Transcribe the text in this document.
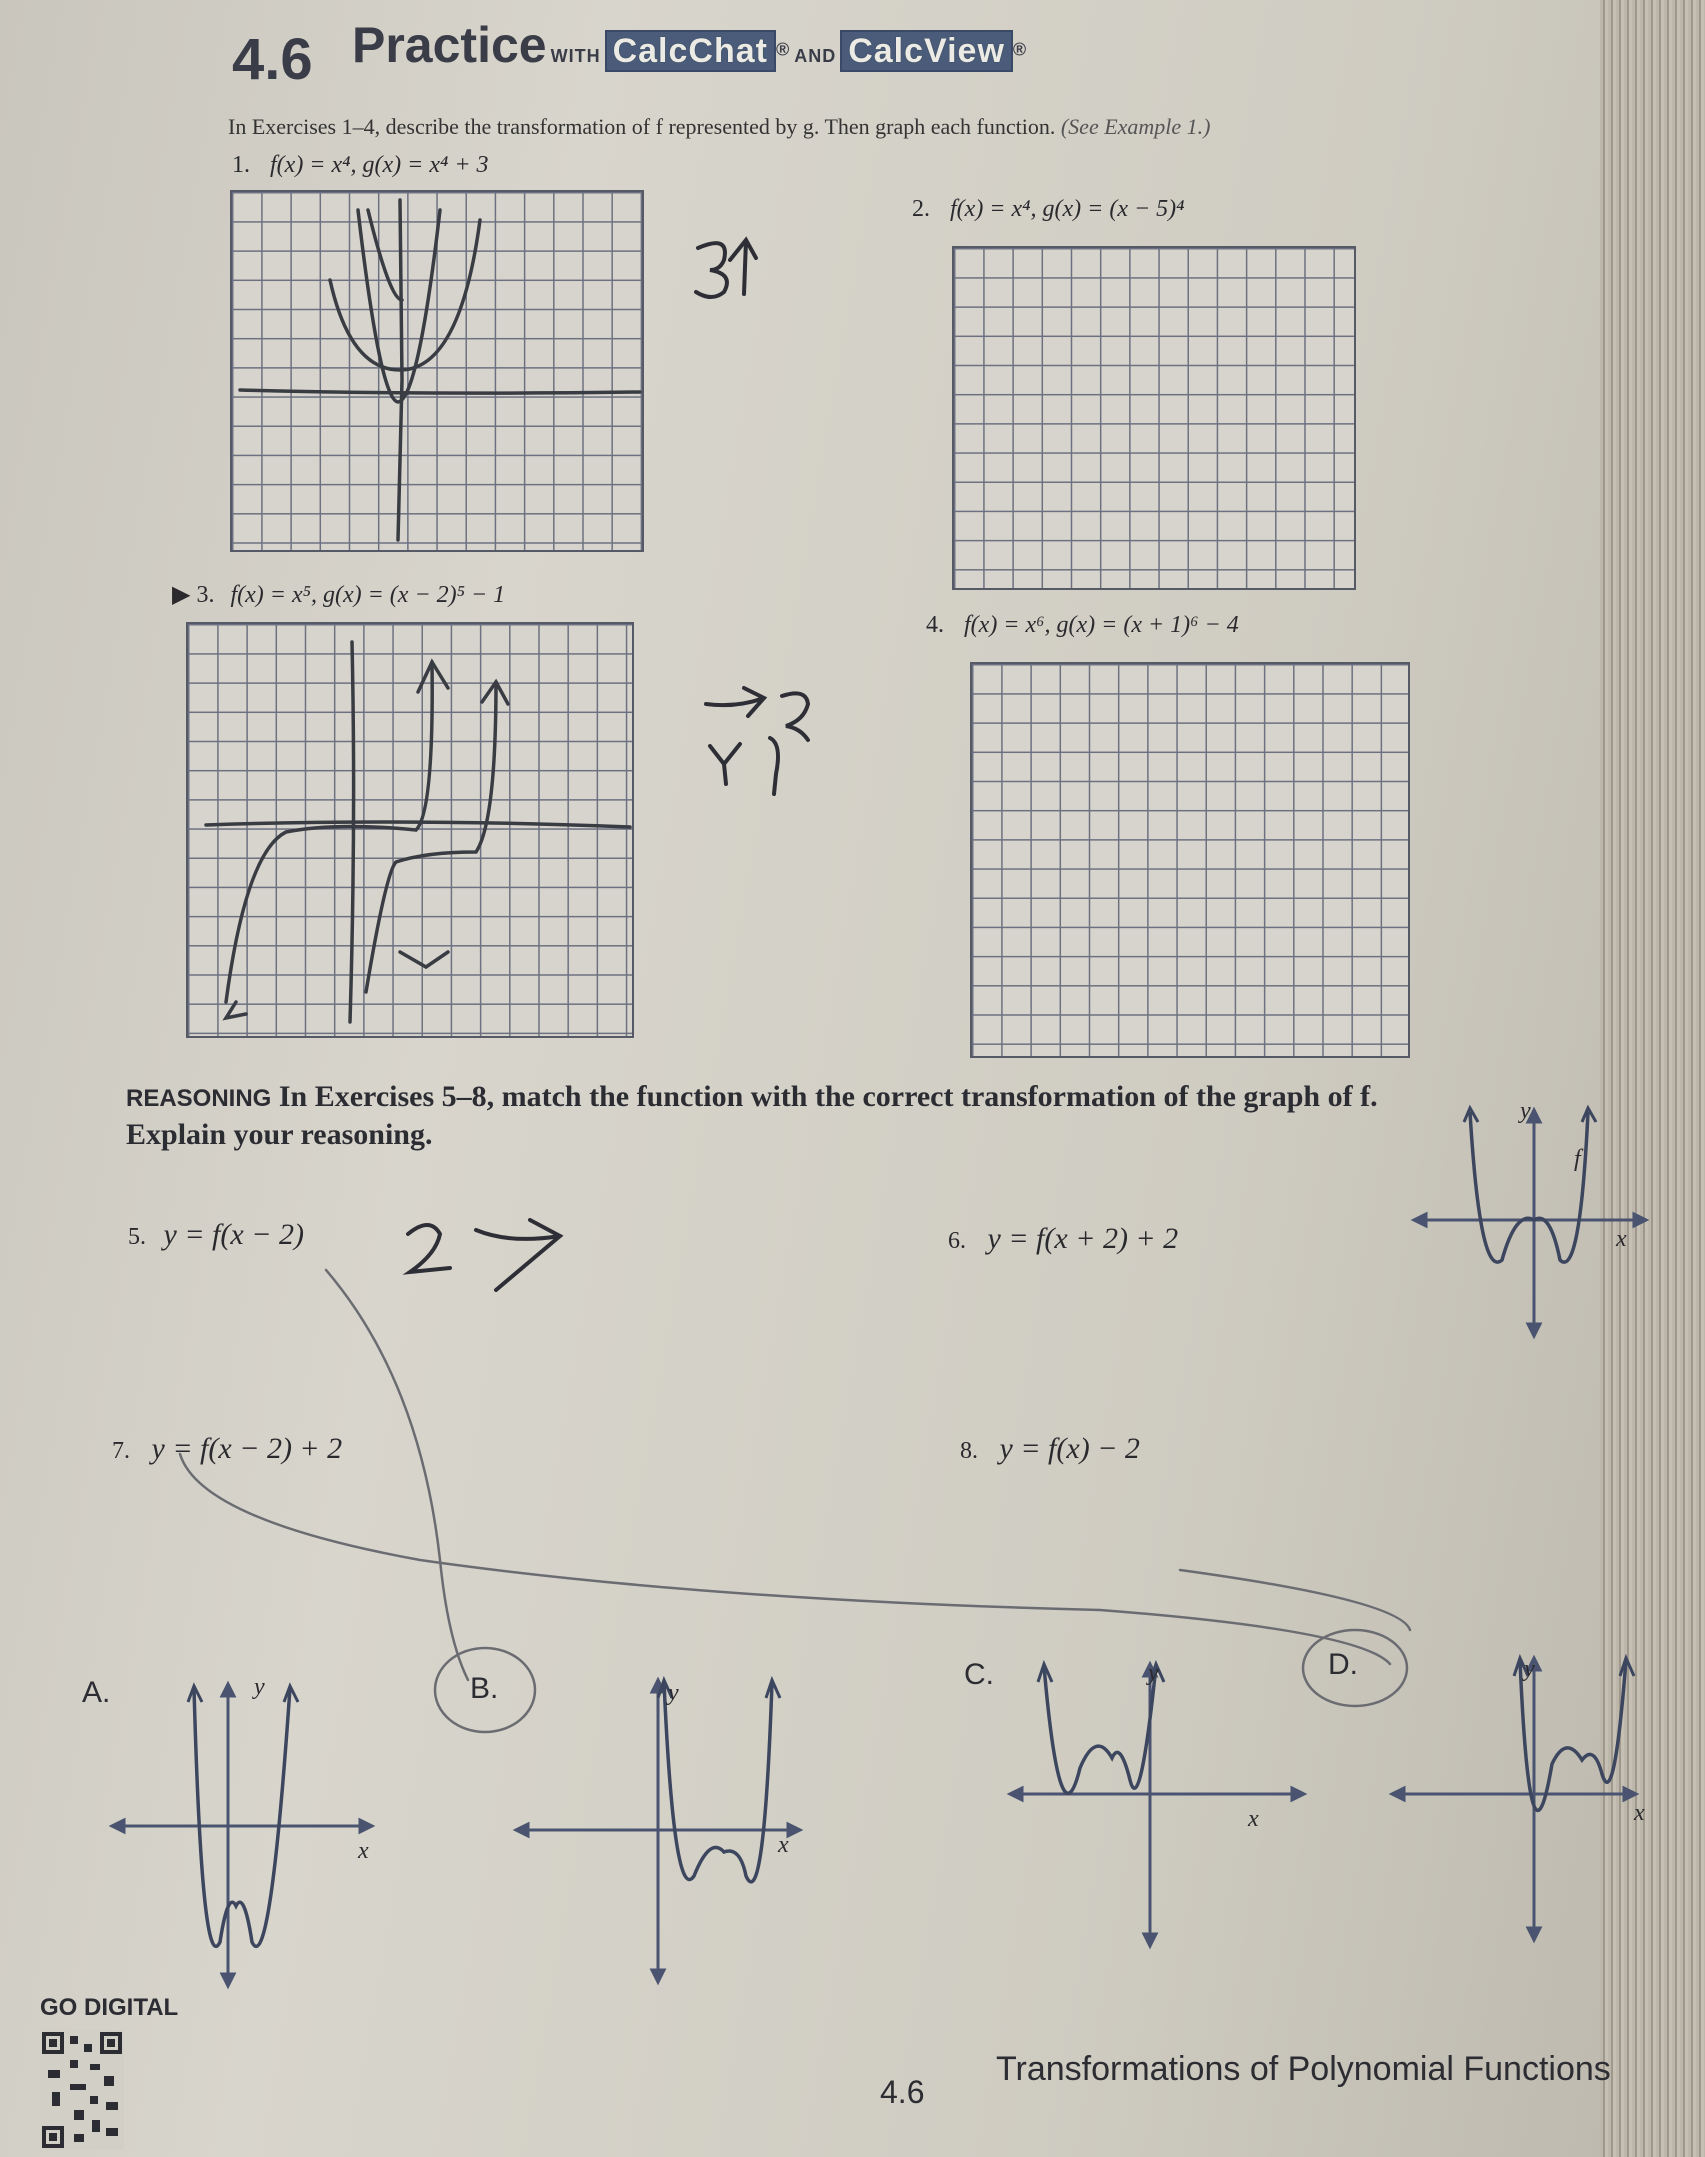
4.6 Practice WITH CalcChat ® AND CalcView ®
In Exercises 1–4, describe the transformation of f represented by g. Then graph each function. (See Example 1.)
1. f(x) = x⁴, g(x) = x⁴ + 3
2. f(x) = x⁴, g(x) = (x − 5)⁴
▶ 3. f(x) = x⁵, g(x) = (x − 2)⁵ − 1
4. f(x) = x⁶, g(x) = (x + 1)⁶ − 4
REASONING In Exercises 5–8, match the function with the correct transformation of the graph of f.
Explain your reasoning.
x
y
f
5. y = f(x − 2)	6. y = f(x + 2) + 2
7. y = f(x − 2) + 2	8. y = f(x) − 2
A.
x
y	B.
x
y
C.
x
y	D.
x
y
GO DIGITAL
4.6
Transformations of Polynomial Functions
